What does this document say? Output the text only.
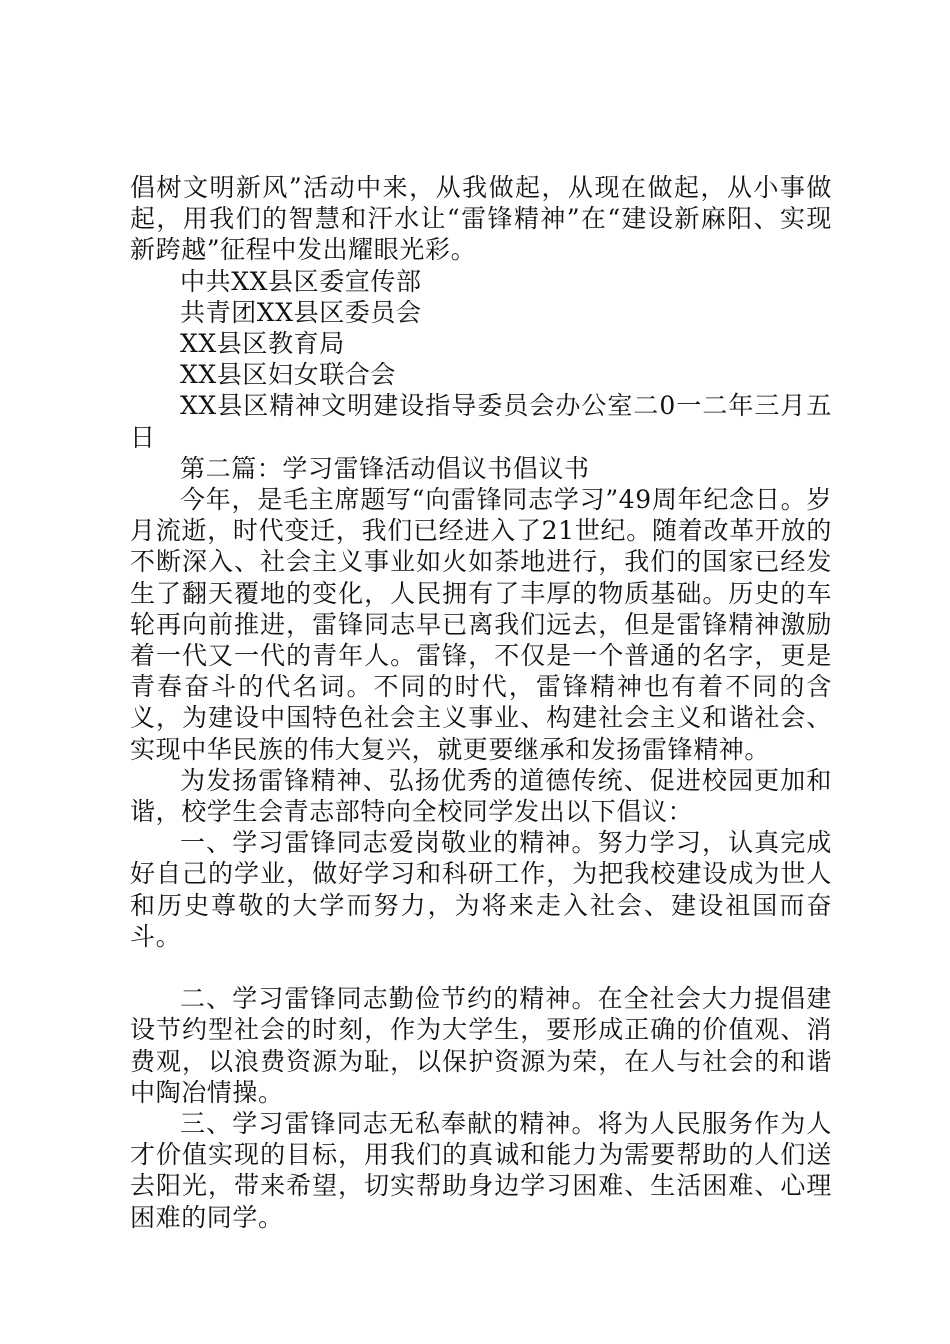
倡树文明新风”活动中来，从我做起，从现在做起，从小事做起，用我们的智慧和汗水让“雷锋精神”在“建设新麻阳、实现新跨越”征程中发出耀眼光彩。

中共XX县区委宣传部

共青团XX县区委员会

XX县区教育局

XX县区妇女联合会

XX县区精神文明建设指导委员会办公室二0一二年三月五日

第二篇：学习雷锋活动倡议书倡议书

今年，是毛主席题写“向雷锋同志学习”49周年纪念日。岁月流逝，时代变迁，我们已经进入了21世纪。随着改革开放的不断深入、社会主义事业如火如荼地进行，我们的国家已经发生了翻天覆地的变化，人民拥有了丰厚的物质基础。历史的车轮再向前推进，雷锋同志早已离我们远去，但是雷锋精神激励着一代又一代的青年人。雷锋，不仅是一个普通的名字，更是青春奋斗的代名词。不同的时代，雷锋精神也有着不同的含义，为建设中国特色社会主义事业、构建社会主义和谐社会、实现中华民族的伟大复兴，就更要继承和发扬雷锋精神。

为发扬雷锋精神、弘扬优秀的道德传统、促进校园更加和谐，校学生会青志部特向全校同学发出以下倡议：

一、学习雷锋同志爱岗敬业的精神。努力学习，认真完成好自己的学业，做好学习和科研工作，为把我校建设成为世人和历史尊敬的大学而努力，为将来走入社会、建设祖国而奋斗。

二、学习雷锋同志勤俭节约的精神。在全社会大力提倡建设节约型社会的时刻，作为大学生，要形成正确的价值观、消费观，以浪费资源为耻，以保护资源为荣，在人与社会的和谐中陶冶情操。

三、学习雷锋同志无私奉献的精神。将为人民服务作为人才价值实现的目标，用我们的真诚和能力为需要帮助的人们送去阳光，带来希望，切实帮助身边学习困难、生活困难、心理困难的同学。
